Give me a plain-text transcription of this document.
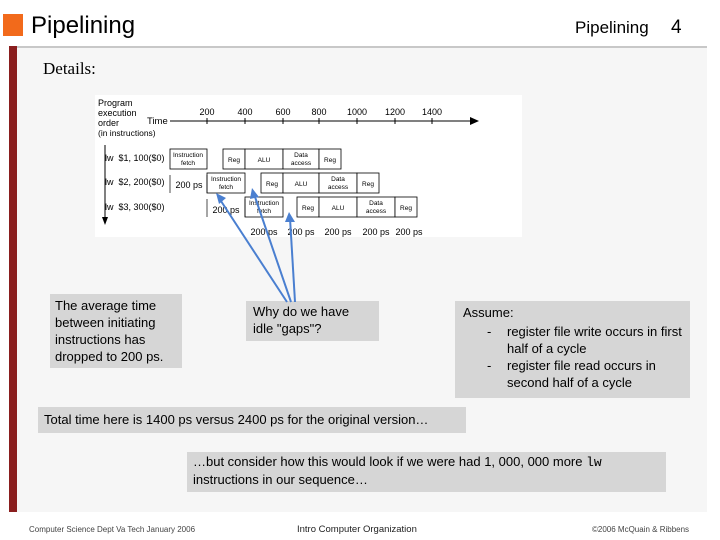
Pipelining	Pipelining 4
Details:
Program
execution
order
(in instructions)
Time
200	400	600 800 1000 1200 1400
lw  $1, 100($0)
lw  $2, 200($0)
lw  $3, 300($0)
Instruction
fetch	Reg	ALU
Data
access Reg
Instruction
fetch	Reg	ALU
Data
access Reg
Instruction
fetch	Reg	ALU
Data
access Reg
200 ps
200 ps
200 ps 200 ps 200 ps 200 ps 200 ps
The average time between initiating instructions has dropped to 200 ps.
Why do we have idle "gaps"?
Assume:
- register file write occurs in first half of a cycle
- register file read occurs in second half of a cycle
Total time here is 1400 ps versus 2400 ps for the original version…
…but consider how this would look if we were had 1, 000, 000 more lw instructions in our sequence…
Computer Science Dept Va Tech January 2006	Intro Computer Organization	©2006 McQuain & Ribbens
